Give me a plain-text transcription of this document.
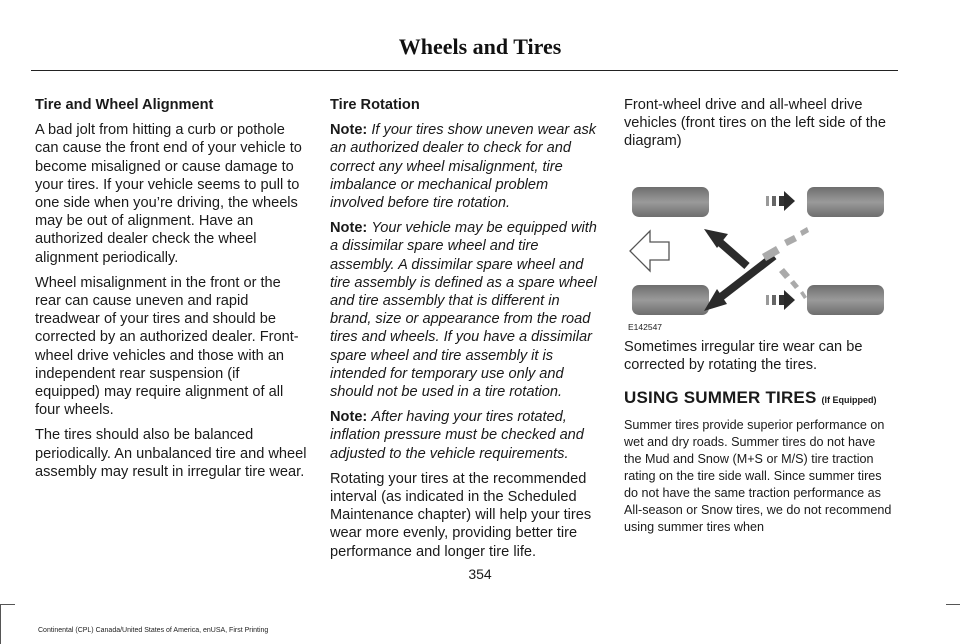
Wheels and Tires
Tire and Wheel Alignment

A bad jolt from hitting a curb or pothole can cause the front end of your vehicle to become misaligned or cause damage to your tires. If your vehicle seems to pull to one side when you’re driving, the wheels may be out of alignment. Have an authorized dealer check the wheel alignment periodically.

Wheel misalignment in the front or the rear can cause uneven and rapid treadwear of your tires and should be corrected by an authorized dealer. Front-wheel drive vehicles and those with an independent rear suspension (if equipped) may require alignment of all four wheels.

The tires should also be balanced periodically. An unbalanced tire and wheel assembly may result in irregular tire wear.

Tire Rotation

Note: If your tires show uneven wear ask an authorized dealer to check for and correct any wheel misalignment, tire imbalance or mechanical problem involved before tire rotation.

Note: Your vehicle may be equipped with a dissimilar spare wheel and tire assembly. A dissimilar spare wheel and tire assembly is defined as a spare wheel and tire assembly that is different in brand, size or appearance from the road tires and wheels. If you have a dissimilar spare wheel and tire assembly it is intended for temporary use only and should not be used in a tire rotation.

Note: After having your tires rotated, inflation pressure must be checked and adjusted to the vehicle requirements.

Rotating your tires at the recommended interval (as indicated in the Scheduled Maintenance chapter) will help your tires wear more evenly, providing better tire performance and longer tire life.

Front-wheel drive and all-wheel drive vehicles (front tires on the left side of the diagram)

E142547

Sometimes irregular tire wear can be corrected by rotating the tires.

USING SUMMER TIRES (If Equipped)

Summer tires provide superior performance on wet and dry roads. Summer tires do not have the Mud and Snow (M+S or M/S) tire traction rating on the tire side wall. Since summer tires do not have the same traction performance as All-season or Snow tires, we do not recommend using summer tires when

354
Continental (CPL) Canada/United States of America, enUSA, First Printing
